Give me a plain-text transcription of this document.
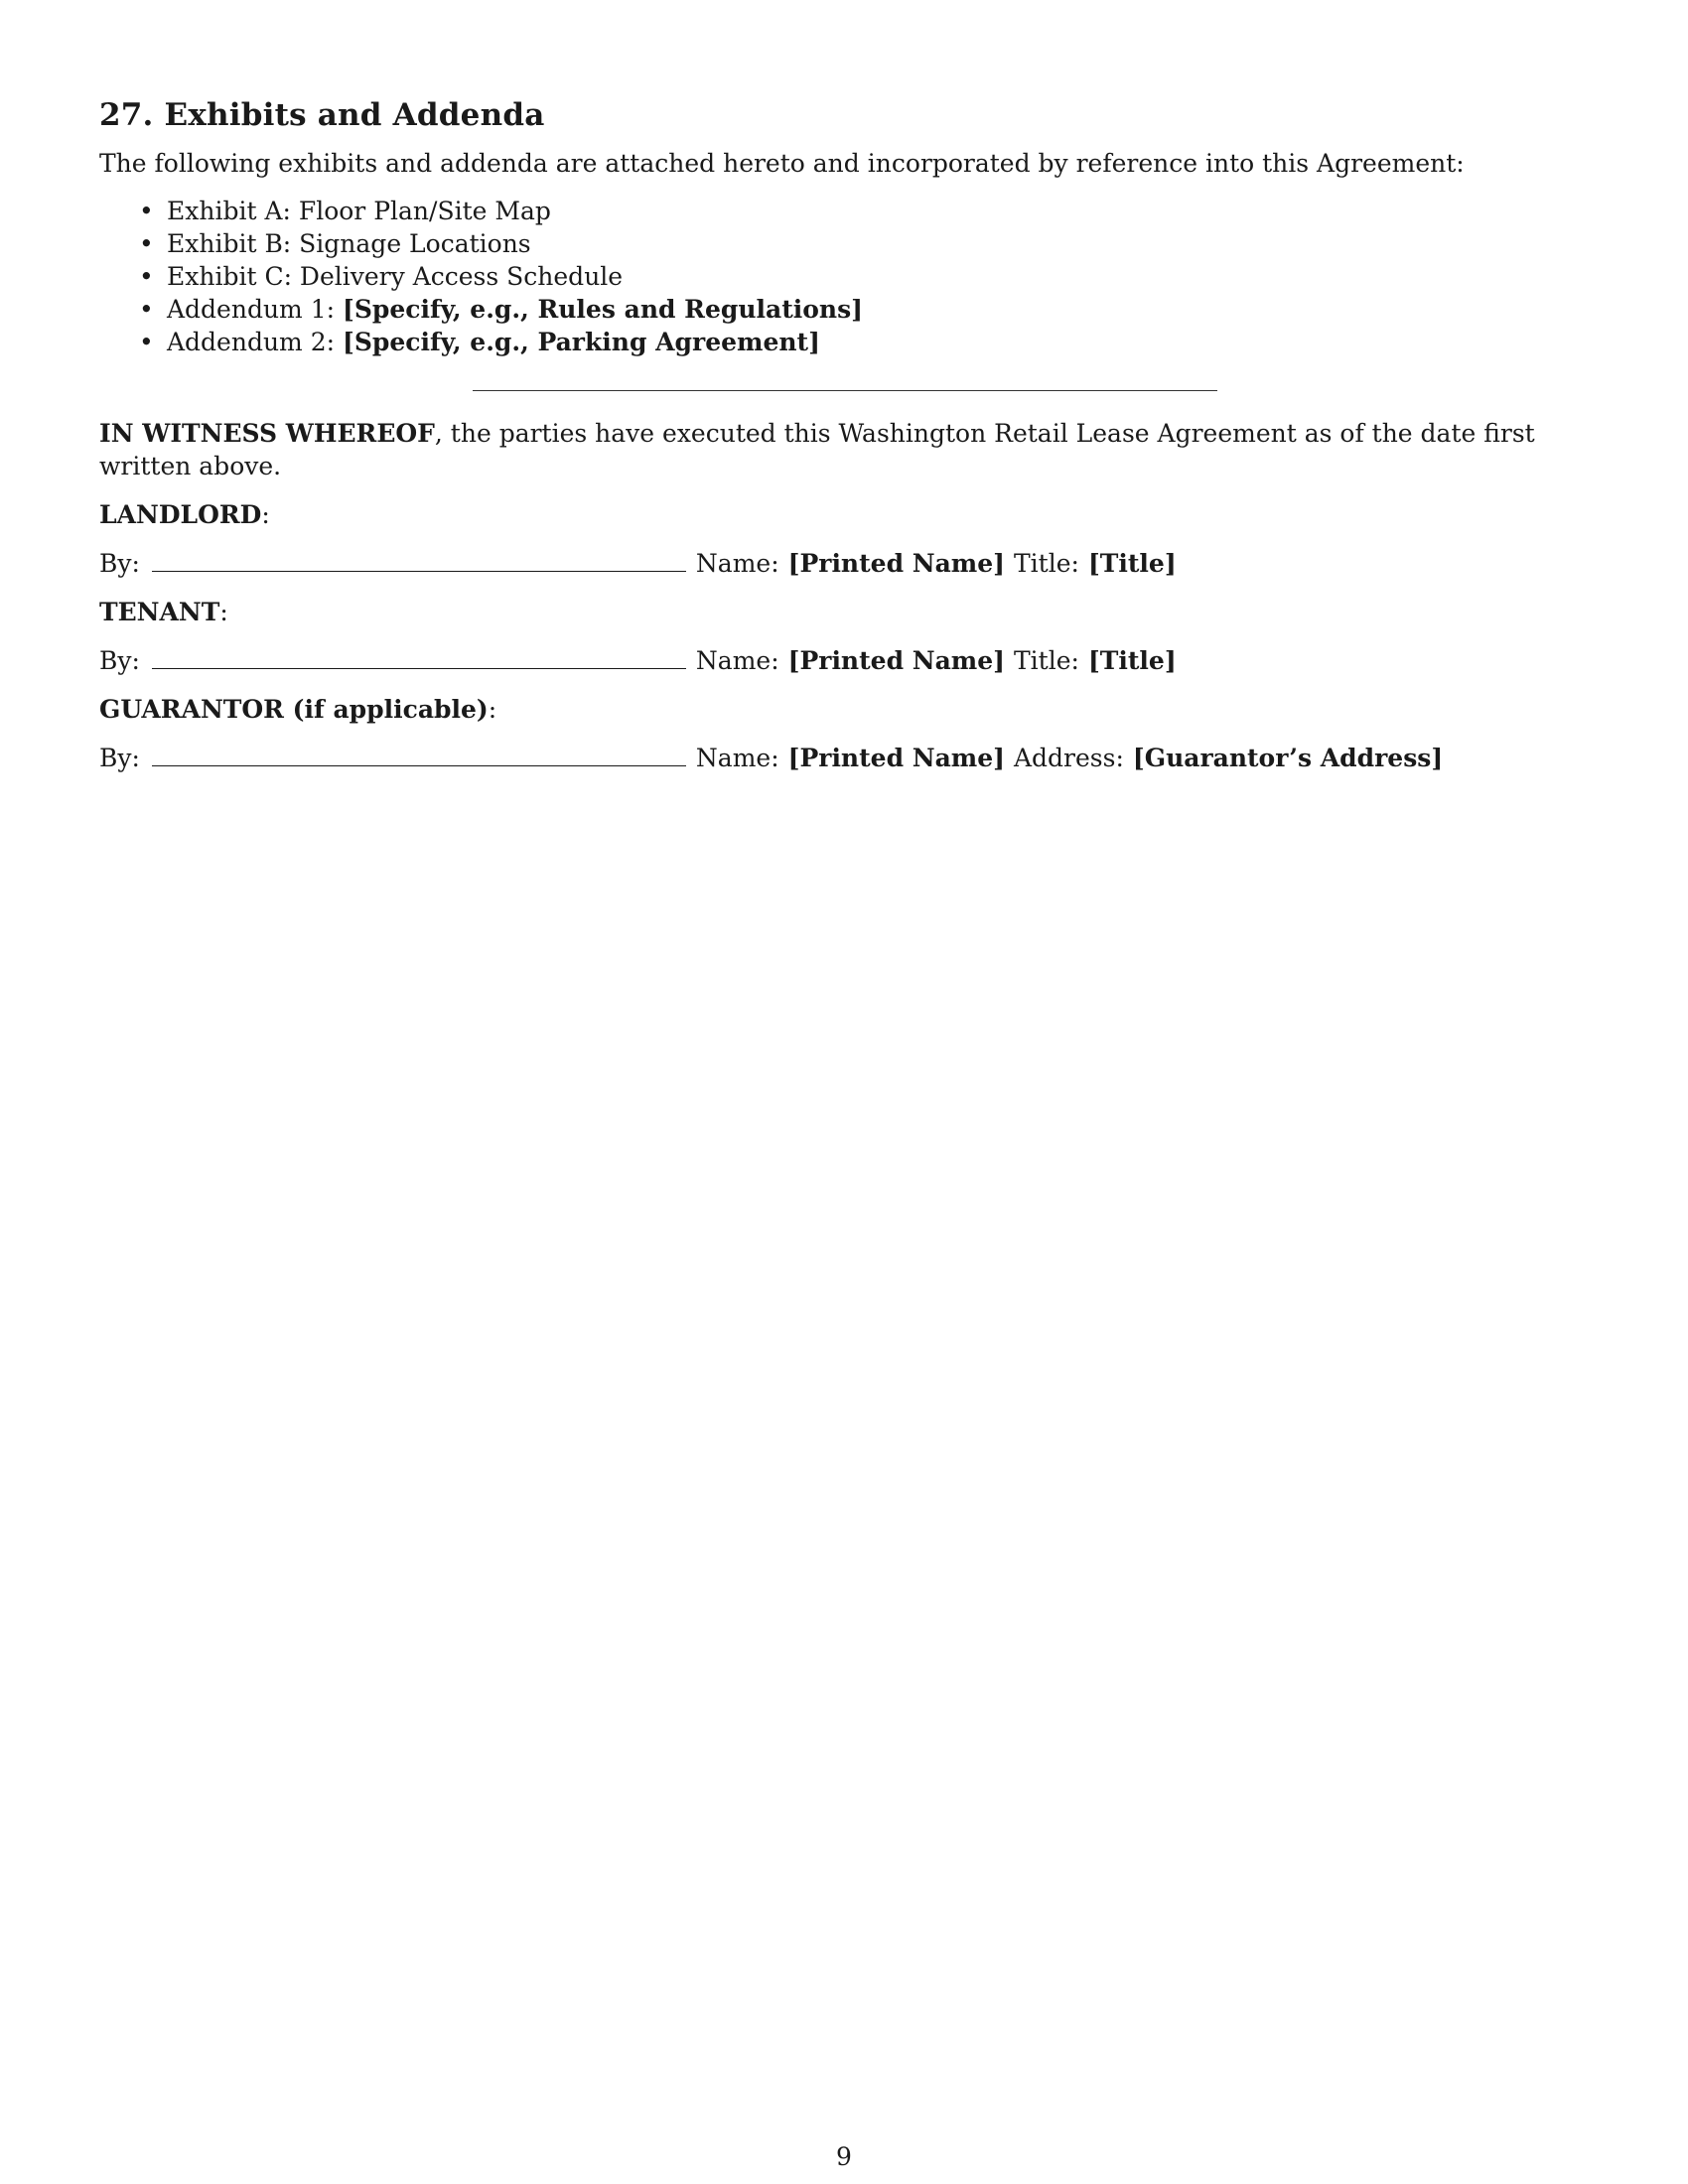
27. Exhibits and Addenda

The following exhibits and addenda are attached hereto and incorporated by reference into this Agreement:

• Exhibit A: Floor Plan/Site Map
• Exhibit B: Signage Locations
• Exhibit C: Delivery Access Schedule
• Addendum 1: [Specify, e.g., Rules and Regulations]
• Addendum 2: [Specify, e.g., Parking Agreement]

IN WITNESS WHEREOF, the parties have executed this Washington Retail Lease Agreement as of the date first written above.

LANDLORD:

By:	Name: [Printed Name] Title: [Title]

TENANT:

By:	Name: [Printed Name] Title: [Title]

GUARANTOR (if applicable):

By:	Name: [Printed Name] Address: [Guarantor’s Address]
9
